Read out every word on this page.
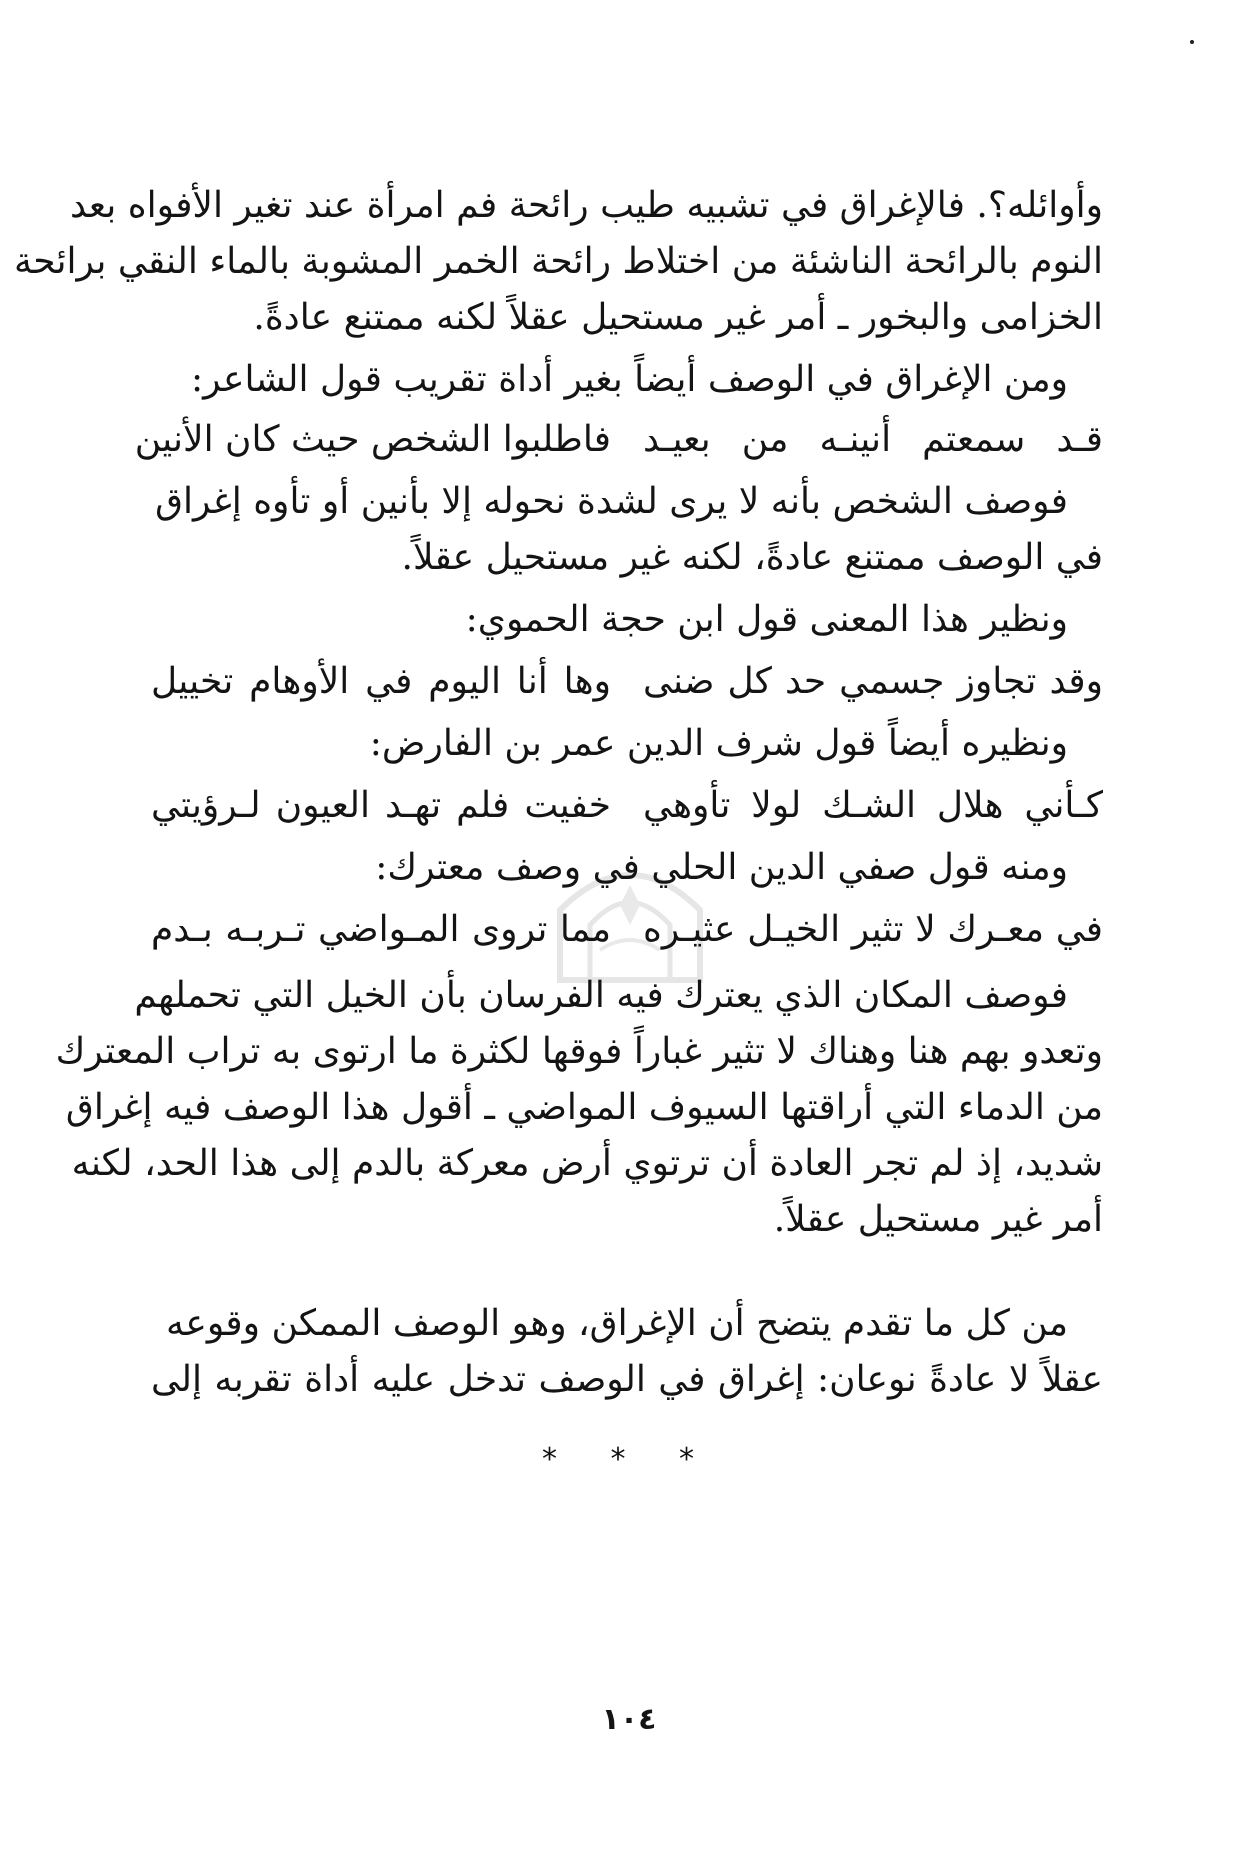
وأوائله؟. فالإغراق في تشبيه طيب رائحة فم امرأة عند تغير الأفواه بعد
النوم بالرائحة الناشئة من اختلاط رائحة الخمر المشوبة بالماء النقي برائحة
الخزامى والبخور ـ أمر غير مستحيل عقلاً لكنه ممتنع عادةً.
ومن الإغراق في الوصف أيضاً بغير أداة تقريب قول الشاعر:
قـد سمعتم أنينـه من بعيـد
فاطلبوا الشخص حيث كان الأنين
فوصف الشخص بأنه لا يرى لشدة نحوله إلا بأنين أو تأوه إغراق
في الوصف ممتنع عادةً، لكنه غير مستحيل عقلاً.
ونظير هذا المعنى قول ابن حجة الحموي:
وقد تجاوز جسمي حد كل ضنى
وها أنا اليوم في الأوهام تخييل
ونظيره أيضاً قول شرف الدين عمر بن الفارض:
كـأني هلال الشـك لولا تأوهي
خفيت فلم تهـد العيون لـرؤيتي
ومنه قول صفي الدين الحلي في وصف معترك:
في معـرك لا تثير الخيـل عثيـره
مما تروى المـواضي تـربـه بـدم
فوصف المكان الذي يعترك فيه الفرسان بأن الخيل التي تحملهم
وتعدو بهم هنا وهناك لا تثير غباراً فوقها لكثرة ما ارتوى به تراب المعترك
من الدماء التي أراقتها السيوف المواضي ـ أقول هذا الوصف فيه إغراق
شديد، إذ لم تجر العادة أن ترتوي أرض معركة بالدم إلى هذا الحد، لكنه
أمر غير مستحيل عقلاً.
* * *
من كل ما تقدم يتضح أن الإغراق، وهو الوصف الممكن وقوعه
عقلاً لا عادةً نوعان: إغراق في الوصف تدخل عليه أداة تقربه إلى
١٠٤
